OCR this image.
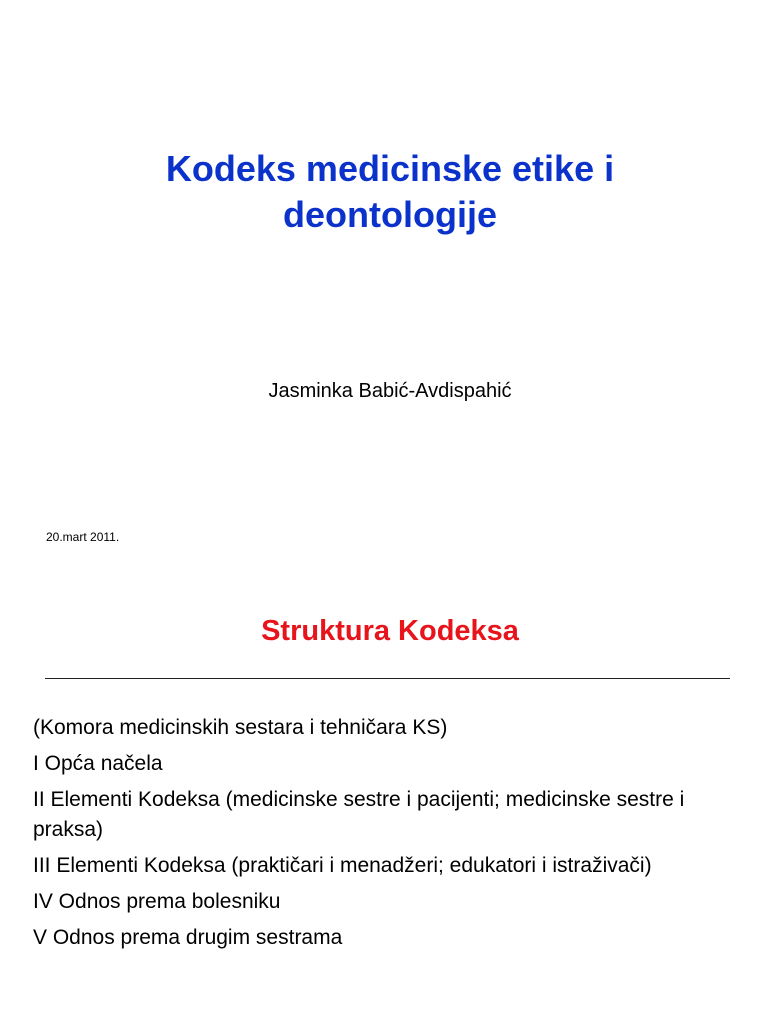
Kodeks medicinske etike i deontologije
Jasminka Babić-Avdispahić
20.mart 2011.
Struktura Kodeksa
(Komora medicinskih sestara i tehničara KS)
I Opća načela
II Elementi Kodeksa (medicinske sestre i pacijenti; medicinske sestre i praksa)
III Elementi Kodeksa (praktičari i menadžeri; edukatori i istraživači)
IV Odnos prema bolesniku
V Odnos prema drugim sestrama
